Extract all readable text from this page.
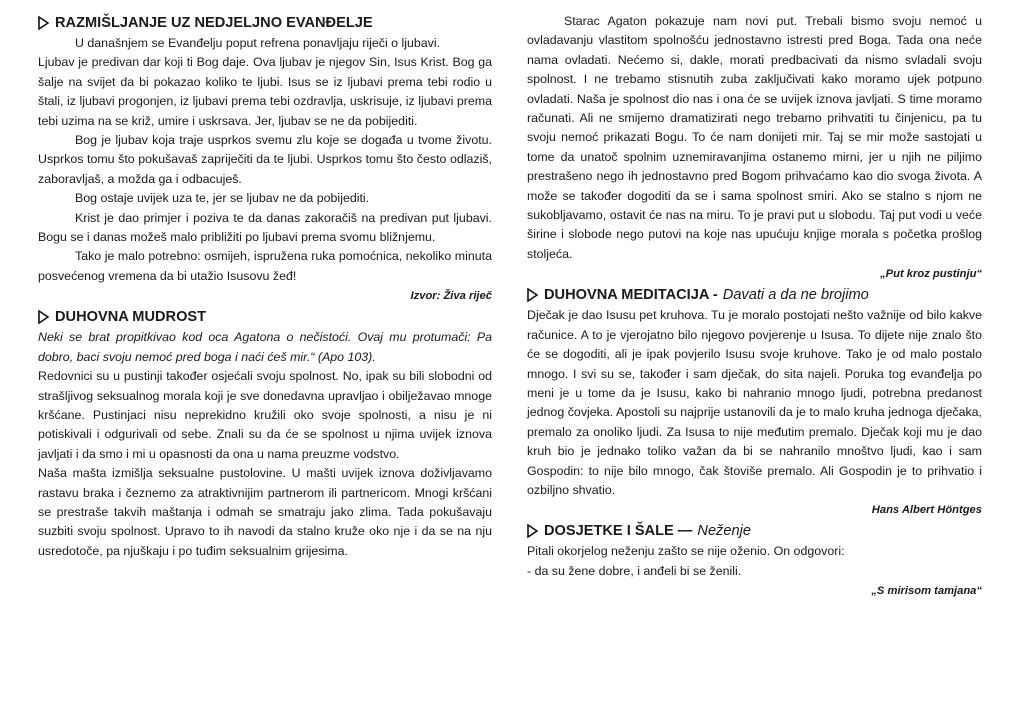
RAZMIŠLJANJE UZ NEDJELJNO EVANĐELJE

U današnjem se Evanđelju poput refrena ponavljaju riječi o ljubavi.

Ljubav je predivan dar koji ti Bog daje. Ova ljubav je njegov Sin, Isus Krist. Bog ga šalje na svijet da bi pokazao koliko te ljubi. Isus se iz ljubavi prema tebi rodio u štali, iz ljubavi progonjen, iz ljubavi prema tebi ozdravlja, uskrisuje, iz ljubavi prema tebi uzima na se križ, umire i uskrsava. Jer, ljubav se ne da pobijediti.

Bog je ljubav koja traje usprkos svemu zlu koje se događa u tvome životu. Usprkos tomu što pokušavaš zapriječiti da te ljubi. Usprkos tomu što često odlaziš, zaboravljaš, a možda ga i odbacuješ.

Bog ostaje uvijek uza te, jer se ljubav ne da pobijediti.

Krist je dao primjer i poziva te da danas zakoračiš na predivan put ljubavi. Bogu se i danas možeš malo približiti po ljubavi prema svomu bližnjemu.

Tako je malo potrebno: osmijeh, ispružena ruka pomoćnica, nekoliko minuta posvećenog vremena da bi utažio Isusovu žeđ!

Izvor: Živa riječ
DUHOVNA MUDROST

Neki se brat propitkivao kod oca Agatona o nečistoći. Ovaj mu protumači: Pa dobro, baci svoju nemoć pred boga i naći ćeš mir.“ (Apo 103).

Redovnici su u pustinji također osjećali svoju spolnost. No, ipak su bili slobodni od strašljivog seksualnog morala koji je sve donedavna upravljao i obilježavao mnoge kršćane. Pustinjaci nisu neprekidno kružili oko svoje spolnosti, a nisu je ni potiskivali i odgurivali od sebe. Znali su da će se spolnost u njima uvijek iznova javljati i da smo i mi u opasnosti da ona u nama preuzme vodstvo.

Naša mašta izmišlja seksualne pustolovine. U mašti uvijek iznova doživljavamo rastavu braka i čeznemo za atraktivnijim partnerom ili partnericom. Mnogi kršćani se prestraše takvih maštanja i odmah se smatraju jako zlima. Tada pokušavaju suzbiti svoju spolnost. Upravo to ih navodi da stalno kruže oko nje i da se na nju usredotoče, pa njuškaju i po tuđim seksualnim grijesima.

Starac Agaton pokazuje nam novi put. Trebali bismo svoju nemoć u ovladavanju vlastitom spolnošću jednostavno istresti pred Boga. Tada ona neće nama ovladati. Nećemo si, dakle, morati predbacivati da nismo svladali svoju spolnost. I ne trebamo stisnutih zuba zaključivati kako moramo ujek potpuno ovladati. Naša je spolnost dio nas i ona će se uvijek iznova javljati. S time moramo računati. Ali ne smijemo dramatizirati nego trebamo prihvatiti tu činjenicu, pa tu svoju nemoć prikazati Bogu. To će nam donijeti mir. Taj se mir može sastojati u tome da unatoč spolnim uznemiravanjima ostanemo mirni, jer u njih ne piljimo prestrašeno nego ih jednostavno pred Bogom prihvaćamo kao dio svoga života. A može se također dogoditi da se i sama spolnost smiri. Ako se stalno s njom ne sukobljavamo, ostavit će nas na miru. To je pravi put u slobodu. Taj put vodi u veće širine i slobode nego putovi na koje nas upućuju knjige morala s početka prošlog stoljeća.

„Put kroz pustinju“
DUHOVNA MEDITACIJA - Davati a da ne brojimo

Dječak je dao Isusu pet kruhova. Tu je moralo postojati nešto važnije od bilo kakve računice. A to je vjerojatno bilo njegovo povjerenje u Isusa. To dijete nije znalo što će se dogoditi, ali je ipak povjerilo Isusu svoje kruhove. Tako je od malo postalo mnogo. I svi su se, također i sam dječak, do sita najeli. Poruka tog evanđelja po meni je u tome da je Isusu, kako bi nahranio mnogo ljudi, potrebna predanost jednog čovjeka. Apostoli su najprije ustanovili da je to malo kruha jednoga dječaka, premalo za onoliko ljudi. Za Isusa to nije međutim premalo. Dječak koji mu je dao kruh bio je jednako toliko važan da bi se nahranilo mnoštvo ljudi, kao i sam Gospodin: to nije bilo mnogo, čak štoviše premalo. Ali Gospodin je to prihvatio i ozbiljno shvatio.

Hans Albert Höntges
DOSJETKE I ŠALE — Neženje

Pitali okorjelog neženju zašto se nije oženio. On odgovori:

- da su žene dobre, i anđeli bi se ženili.

„S mirisom tamjana“
